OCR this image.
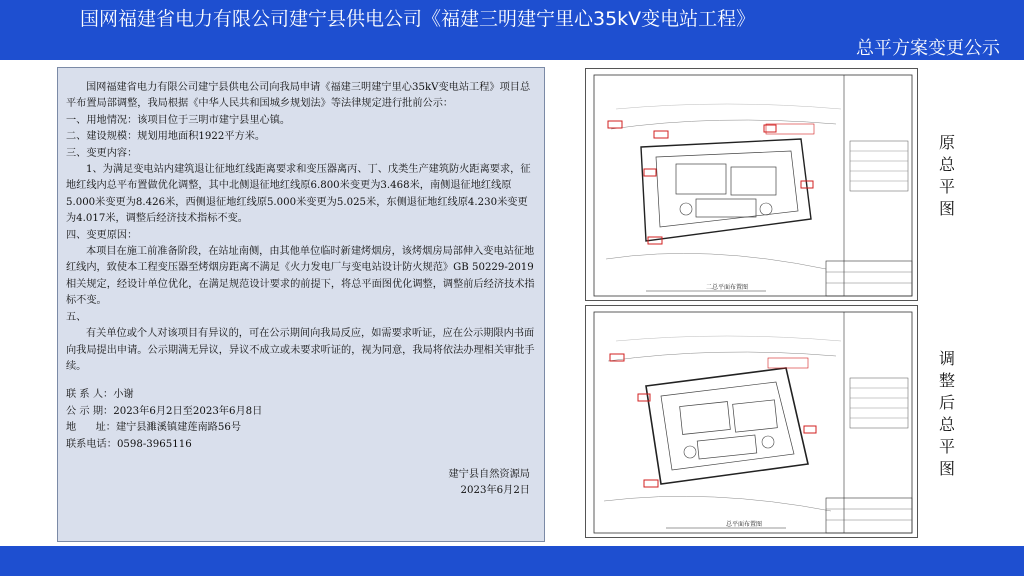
国网福建省电力有限公司建宁县供电公司《福建三明建宁里心35kV变电站工程》
总平方案变更公示

国网福建省电力有限公司建宁县供电公司向我局申请《福建三明建宁里心35kV变电站工程》项目总平布置局部调整，我局根据《中华人民共和国城乡规划法》等法律规定进行批前公示：

一、用地情况：该项目位于三明市建宁县里心镇。

二、建设规模：规划用地面积1922平方米。

三、变更内容：

1、为满足变电站内建筑退让征地红线距离要求和变压器离丙、丁、戊类生产建筑防火距离要求，征地红线内总平布置做优化调整，其中北侧退征地红线原6.800米变更为3.468米，南侧退征地红线原5.000米变更为8.426米，西侧退征地红线原5.000米变更为5.025米，东侧退征地红线原4.230米变更为4.017米，调整后经济技术指标不变。

四、变更原因：

本项目在施工前准备阶段，在站址南侧，由其他单位临时新建烤烟房，该烤烟房局部伸入变电站征地红线内，致使本工程变压器至烤烟房距离不满足《火力发电厂与变电站设计防火规范》GB 50229-2019相关规定，经设计单位优化，在满足规范设计要求的前提下，将总平面图优化调整，调整前后经济技术指标不变。

五、

有关单位或个人对该项目有异议的，可在公示期间向我局反应，如需要求听证，应在公示期限内书面向我局提出申请。公示期满无异议，异议不成立或未要求听证的，视为同意，我局将依法办理相关审批手续。

联 系 人：小谢

公 示 期：2023年6月2日至2023年6月8日

地      址：建宁县濉溪镇建莲南路56号

联系电话：0598-3965116

建宁县自然资源局

2023年6月2日

二总平面布置图
原
总
平
图
总平面布置图
调
整
后
总
平
图
